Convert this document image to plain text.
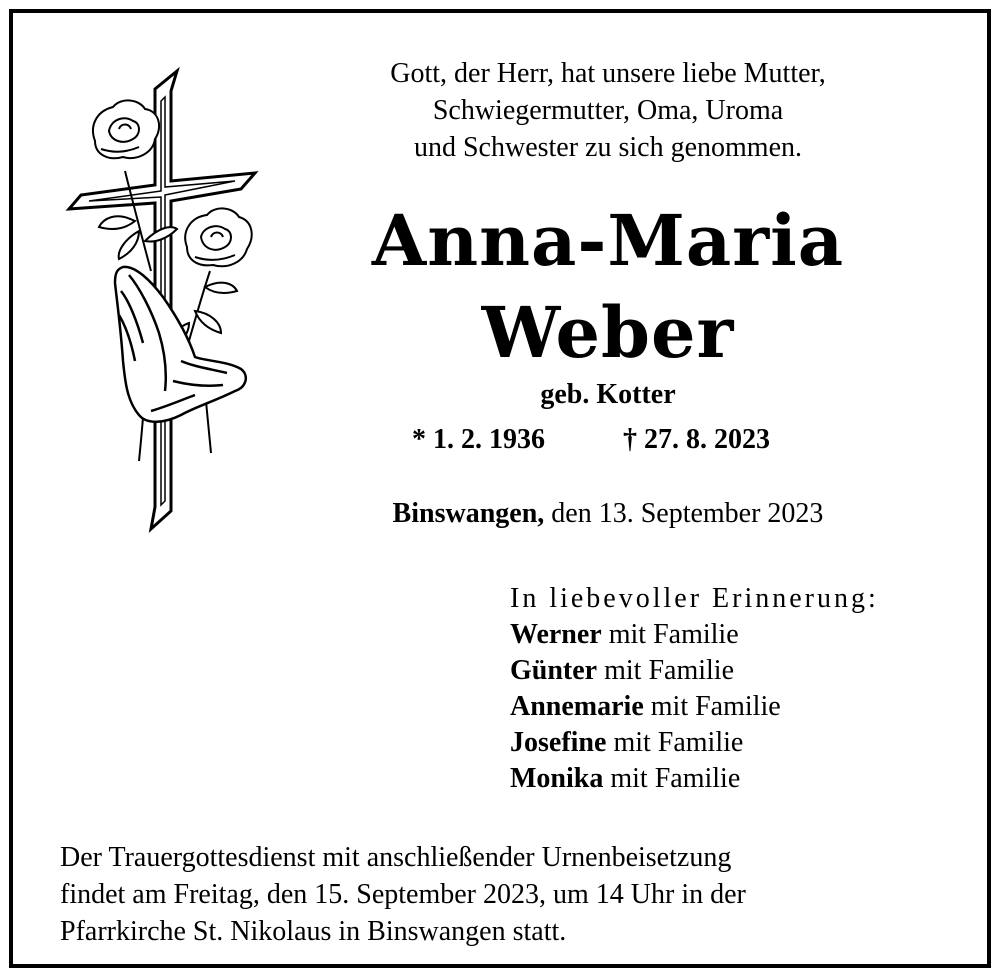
Gott, der Herr, hat unsere liebe Mutter,
Schwiegermutter, Oma, Uroma
und Schwester zu sich genommen.
Anna-Maria
Weber
geb. Kotter
* 1. 2. 1936	† 27. 8. 2023
Binswangen, den 13. September 2023
In liebevoller Erinnerung:
Werner mit Familie
Günter mit Familie
Annemarie mit Familie
Josefine mit Familie
Monika mit Familie
Der Trauergottesdienst mit anschließender Urnenbeisetzung
findet am Freitag, den 15. September 2023, um 14 Uhr in der
Pfarrkirche St. Nikolaus in Binswangen statt.
